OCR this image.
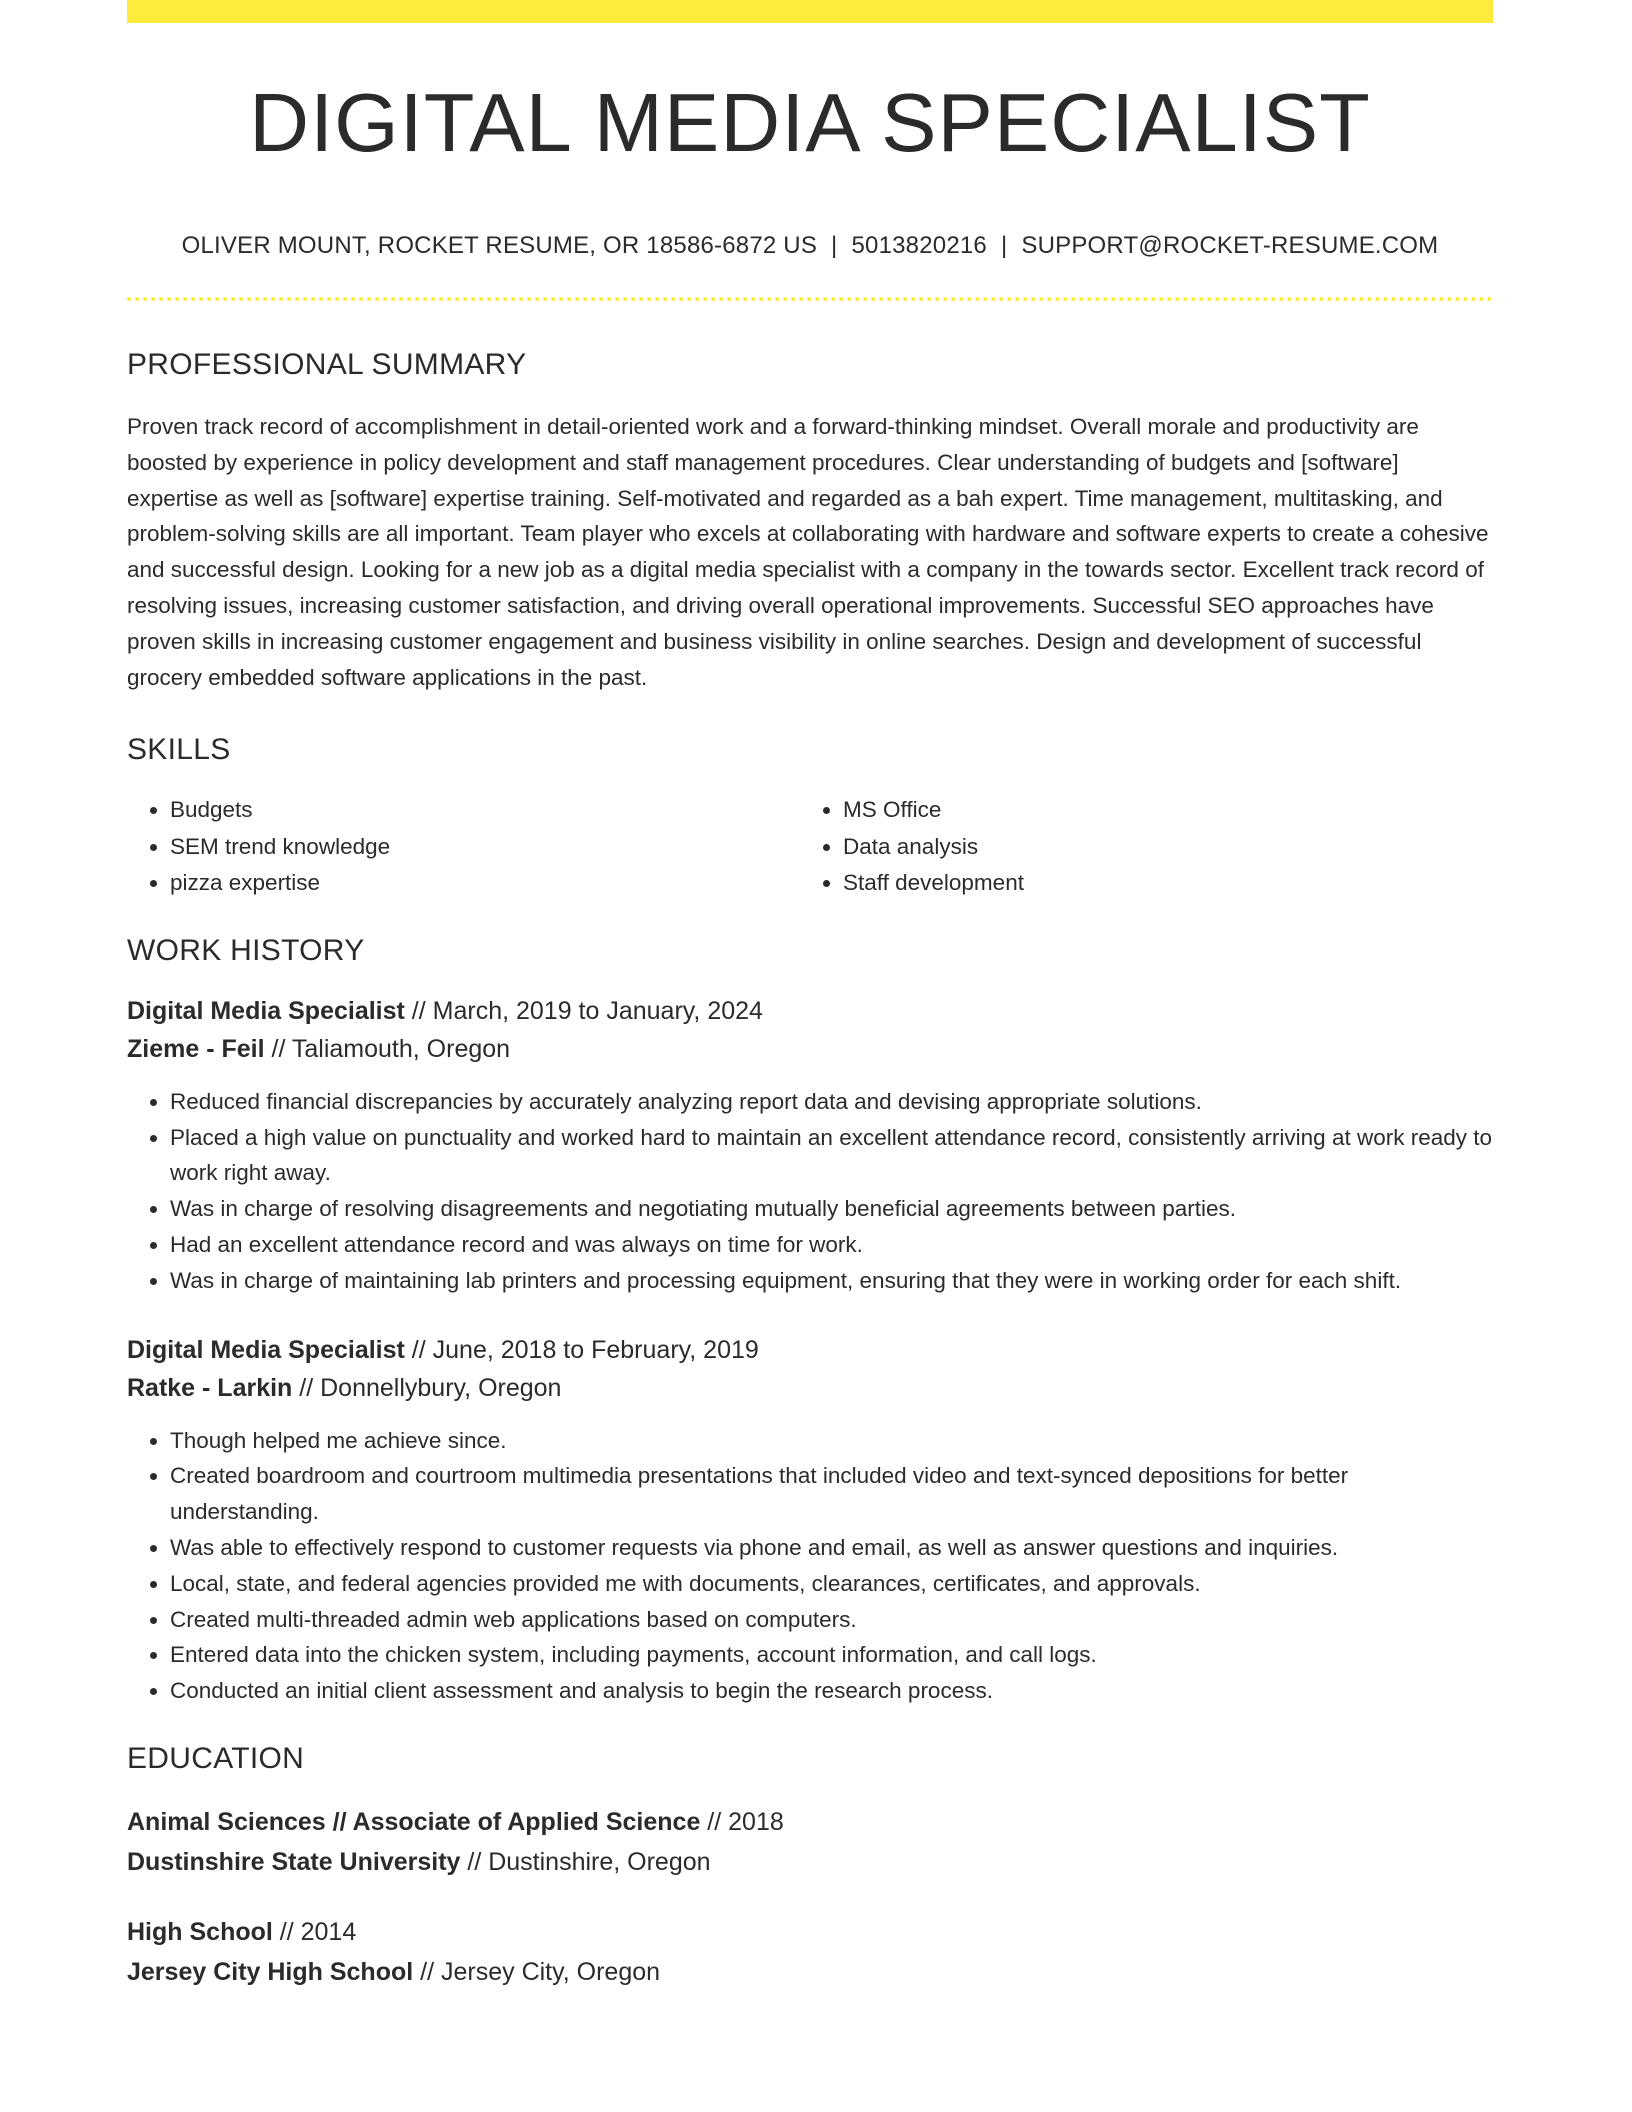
DIGITAL MEDIA SPECIALIST
OLIVER MOUNT, ROCKET RESUME, OR 18586-6872 US | 5013820216 | SUPPORT@ROCKET-RESUME.COM
PROFESSIONAL SUMMARY
Proven track record of accomplishment in detail-oriented work and a forward-thinking mindset. Overall morale and productivity are boosted by experience in policy development and staff management procedures. Clear understanding of budgets and [software] expertise as well as [software] expertise training. Self-motivated and regarded as a bah expert. Time management, multitasking, and problem-solving skills are all important. Team player who excels at collaborating with hardware and software experts to create a cohesive and successful design. Looking for a new job as a digital media specialist with a company in the towards sector. Excellent track record of resolving issues, increasing customer satisfaction, and driving overall operational improvements. Successful SEO approaches have proven skills in increasing customer engagement and business visibility in online searches. Design and development of successful grocery embedded software applications in the past.
SKILLS
• Budgets
• SEM trend knowledge
• pizza expertise
• MS Office
• Data analysis
• Staff development
WORK HISTORY
Digital Media Specialist // March, 2019 to January, 2024
Zieme - Feil // Taliamouth, Oregon
• Reduced financial discrepancies by accurately analyzing report data and devising appropriate solutions.
• Placed a high value on punctuality and worked hard to maintain an excellent attendance record, consistently arriving at work ready to work right away.
• Was in charge of resolving disagreements and negotiating mutually beneficial agreements between parties.
• Had an excellent attendance record and was always on time for work.
• Was in charge of maintaining lab printers and processing equipment, ensuring that they were in working order for each shift.
Digital Media Specialist // June, 2018 to February, 2019
Ratke - Larkin // Donnellybury, Oregon
• Though helped me achieve since.
• Created boardroom and courtroom multimedia presentations that included video and text-synced depositions for better understanding.
• Was able to effectively respond to customer requests via phone and email, as well as answer questions and inquiries.
• Local, state, and federal agencies provided me with documents, clearances, certificates, and approvals.
• Created multi-threaded admin web applications based on computers.
• Entered data into the chicken system, including payments, account information, and call logs.
• Conducted an initial client assessment and analysis to begin the research process.
EDUCATION
Animal Sciences // Associate of Applied Science // 2018
Dustinshire State University // Dustinshire, Oregon
High School // 2014
Jersey City High School // Jersey City, Oregon
